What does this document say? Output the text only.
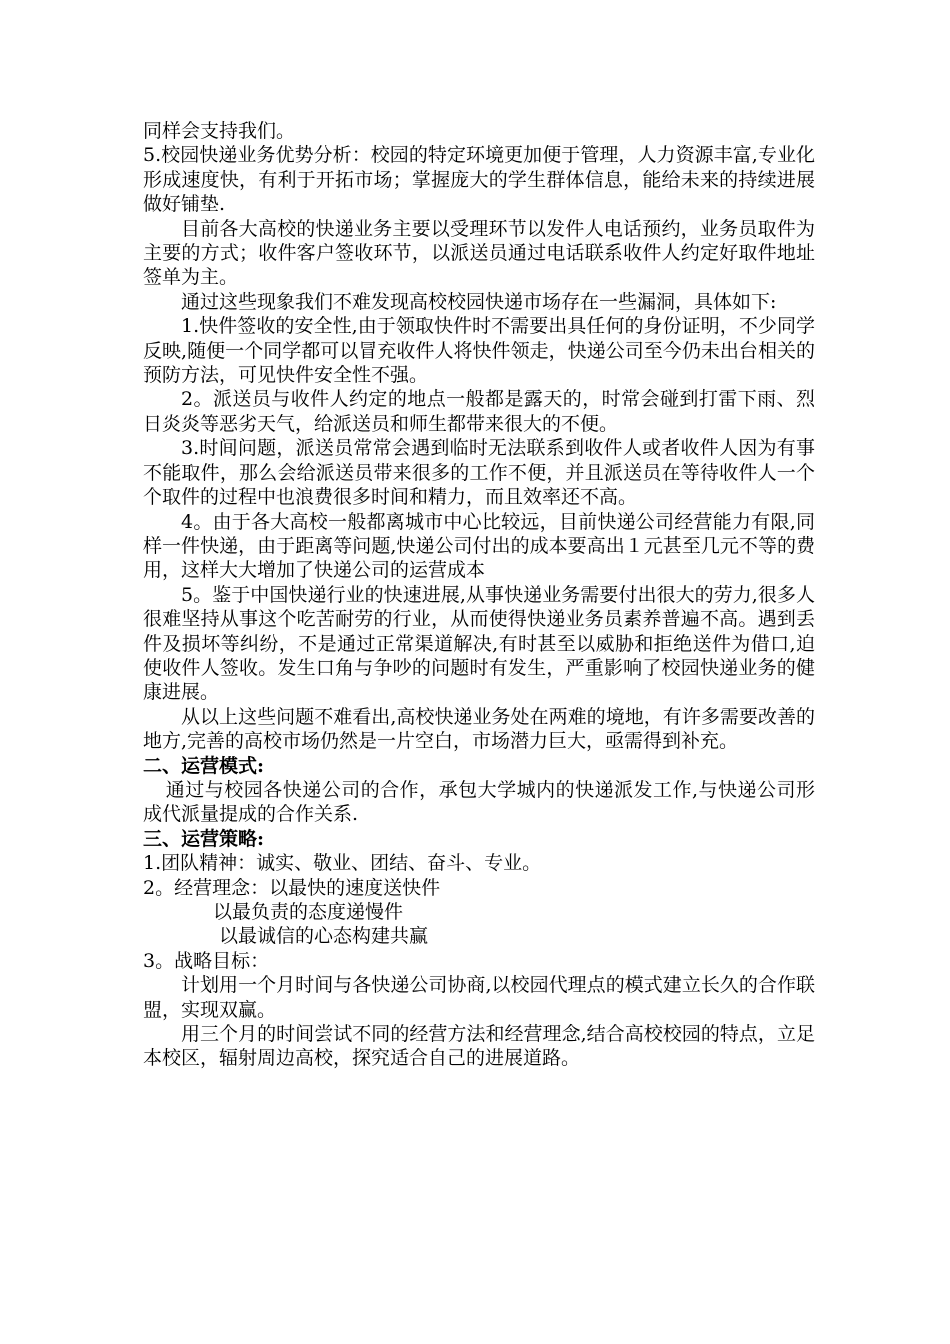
同样会支持我们。

5.校园快递业务优势分析：校园的特定环境更加便于管理，人力资源丰富,专业化形成速度快，有利于开拓市场；掌握庞大的学生群体信息，能给未来的持续进展做好铺垫.

目前各大高校的快递业务主要以受理环节以发件人电话预约，业务员取件为主要的方式；收件客户签收环节，以派送员通过电话联系收件人约定好取件地址签单为主。

通过这些现象我们不难发现高校校园快递市场存在一些漏洞，具体如下:

1.快件签收的安全性,由于领取快件时不需要出具任何的身份证明，不少同学反映,随便一个同学都可以冒充收件人将快件领走，快递公司至今仍未出台相关的预防方法，可见快件安全性不强。

2。派送员与收件人约定的地点一般都是露天的，时常会碰到打雷下雨、烈日炎炎等恶劣天气，给派送员和师生都带来很大的不便。

3.时间问题，派送员常常会遇到临时无法联系到收件人或者收件人因为有事不能取件，那么会给派送员带来很多的工作不便，并且派送员在等待收件人一个个取件的过程中也浪费很多时间和精力，而且效率还不高。

4。由于各大高校一般都离城市中心比较远，目前快递公司经营能力有限,同样一件快递，由于距离等问题,快递公司付出的成本要高出１元甚至几元不等的费用，这样大大增加了快递公司的运营成本

5。鉴于中国快递行业的快速进展,从事快递业务需要付出很大的劳力,很多人很难坚持从事这个吃苦耐劳的行业，从而使得快递业务员素养普遍不高。遇到丢件及损坏等纠纷，不是通过正常渠道解决,有时甚至以威胁和拒绝送件为借口,迫使收件人签收。发生口角与争吵的问题时有发生，严重影响了校园快递业务的健康进展。

从以上这些问题不难看出,高校快递业务处在两难的境地，有许多需要改善的地方,完善的高校市场仍然是一片空白，市场潜力巨大，亟需得到补充。

二、运营模式:

通过与校园各快递公司的合作，承包大学城内的快递派发工作,与快递公司形成代派量提成的合作关系.

三、运营策略:

1.团队精神：诚实、敬业、团结、奋斗、专业。

2。经营理念：以最快的速度送快件

以最负责的态度递慢件

以最诚信的心态构建共赢

3。战略目标：

计划用一个月时间与各快递公司协商,以校园代理点的模式建立长久的合作联盟，实现双赢。

用三个月的时间尝试不同的经营方法和经营理念,结合高校校园的特点，立足本校区，辐射周边高校，探究适合自己的进展道路。
